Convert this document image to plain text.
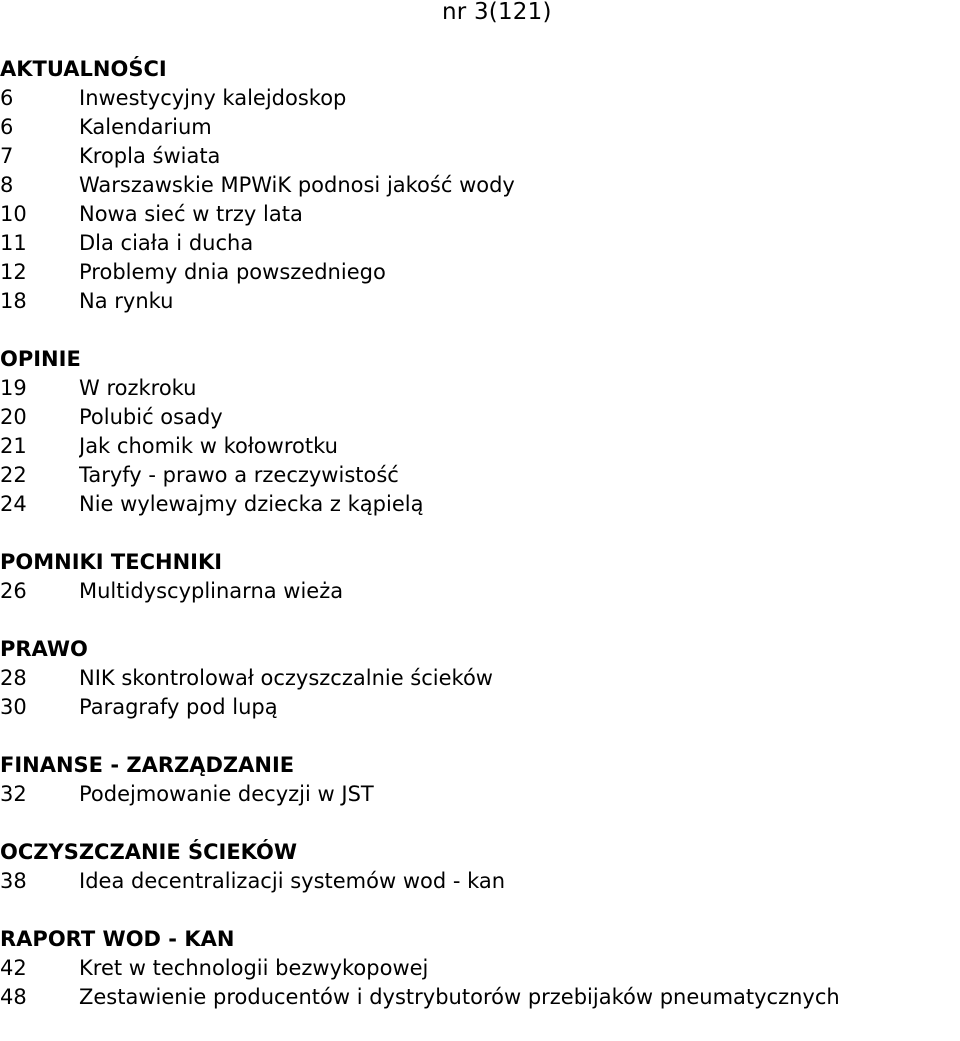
nr 3(121)
AKTUALNOŚCI
6	Inwestycyjny kalejdoskop
6	Kalendarium
7	Kropla świata
8	Warszawskie MPWiK podnosi jakość wody
10	Nowa sieć w trzy lata
11	Dla ciała i ducha
12	Problemy dnia powszedniego
18	Na rynku
OPINIE
19	W rozkroku
20	Polubić osady
21	Jak chomik w kołowrotku
22	Taryfy - prawo a rzeczywistość
24	Nie wylewajmy dziecka z kąpielą
POMNIKI TECHNIKI
26	Multidyscyplinarna wieża
PRAWO
28	NIK skontrolował oczyszczalnie ścieków
30	Paragrafy pod lupą
FINANSE - ZARZĄDZANIE
32	Podejmowanie decyzji w JST
OCZYSZCZANIE ŚCIEKÓW
38	Idea decentralizacji systemów wod - kan
RAPORT WOD - KAN
42	Kret w technologii bezwykopowej
48	Zestawienie producentów i dystrybutorów przebijaków pneumatycznych
